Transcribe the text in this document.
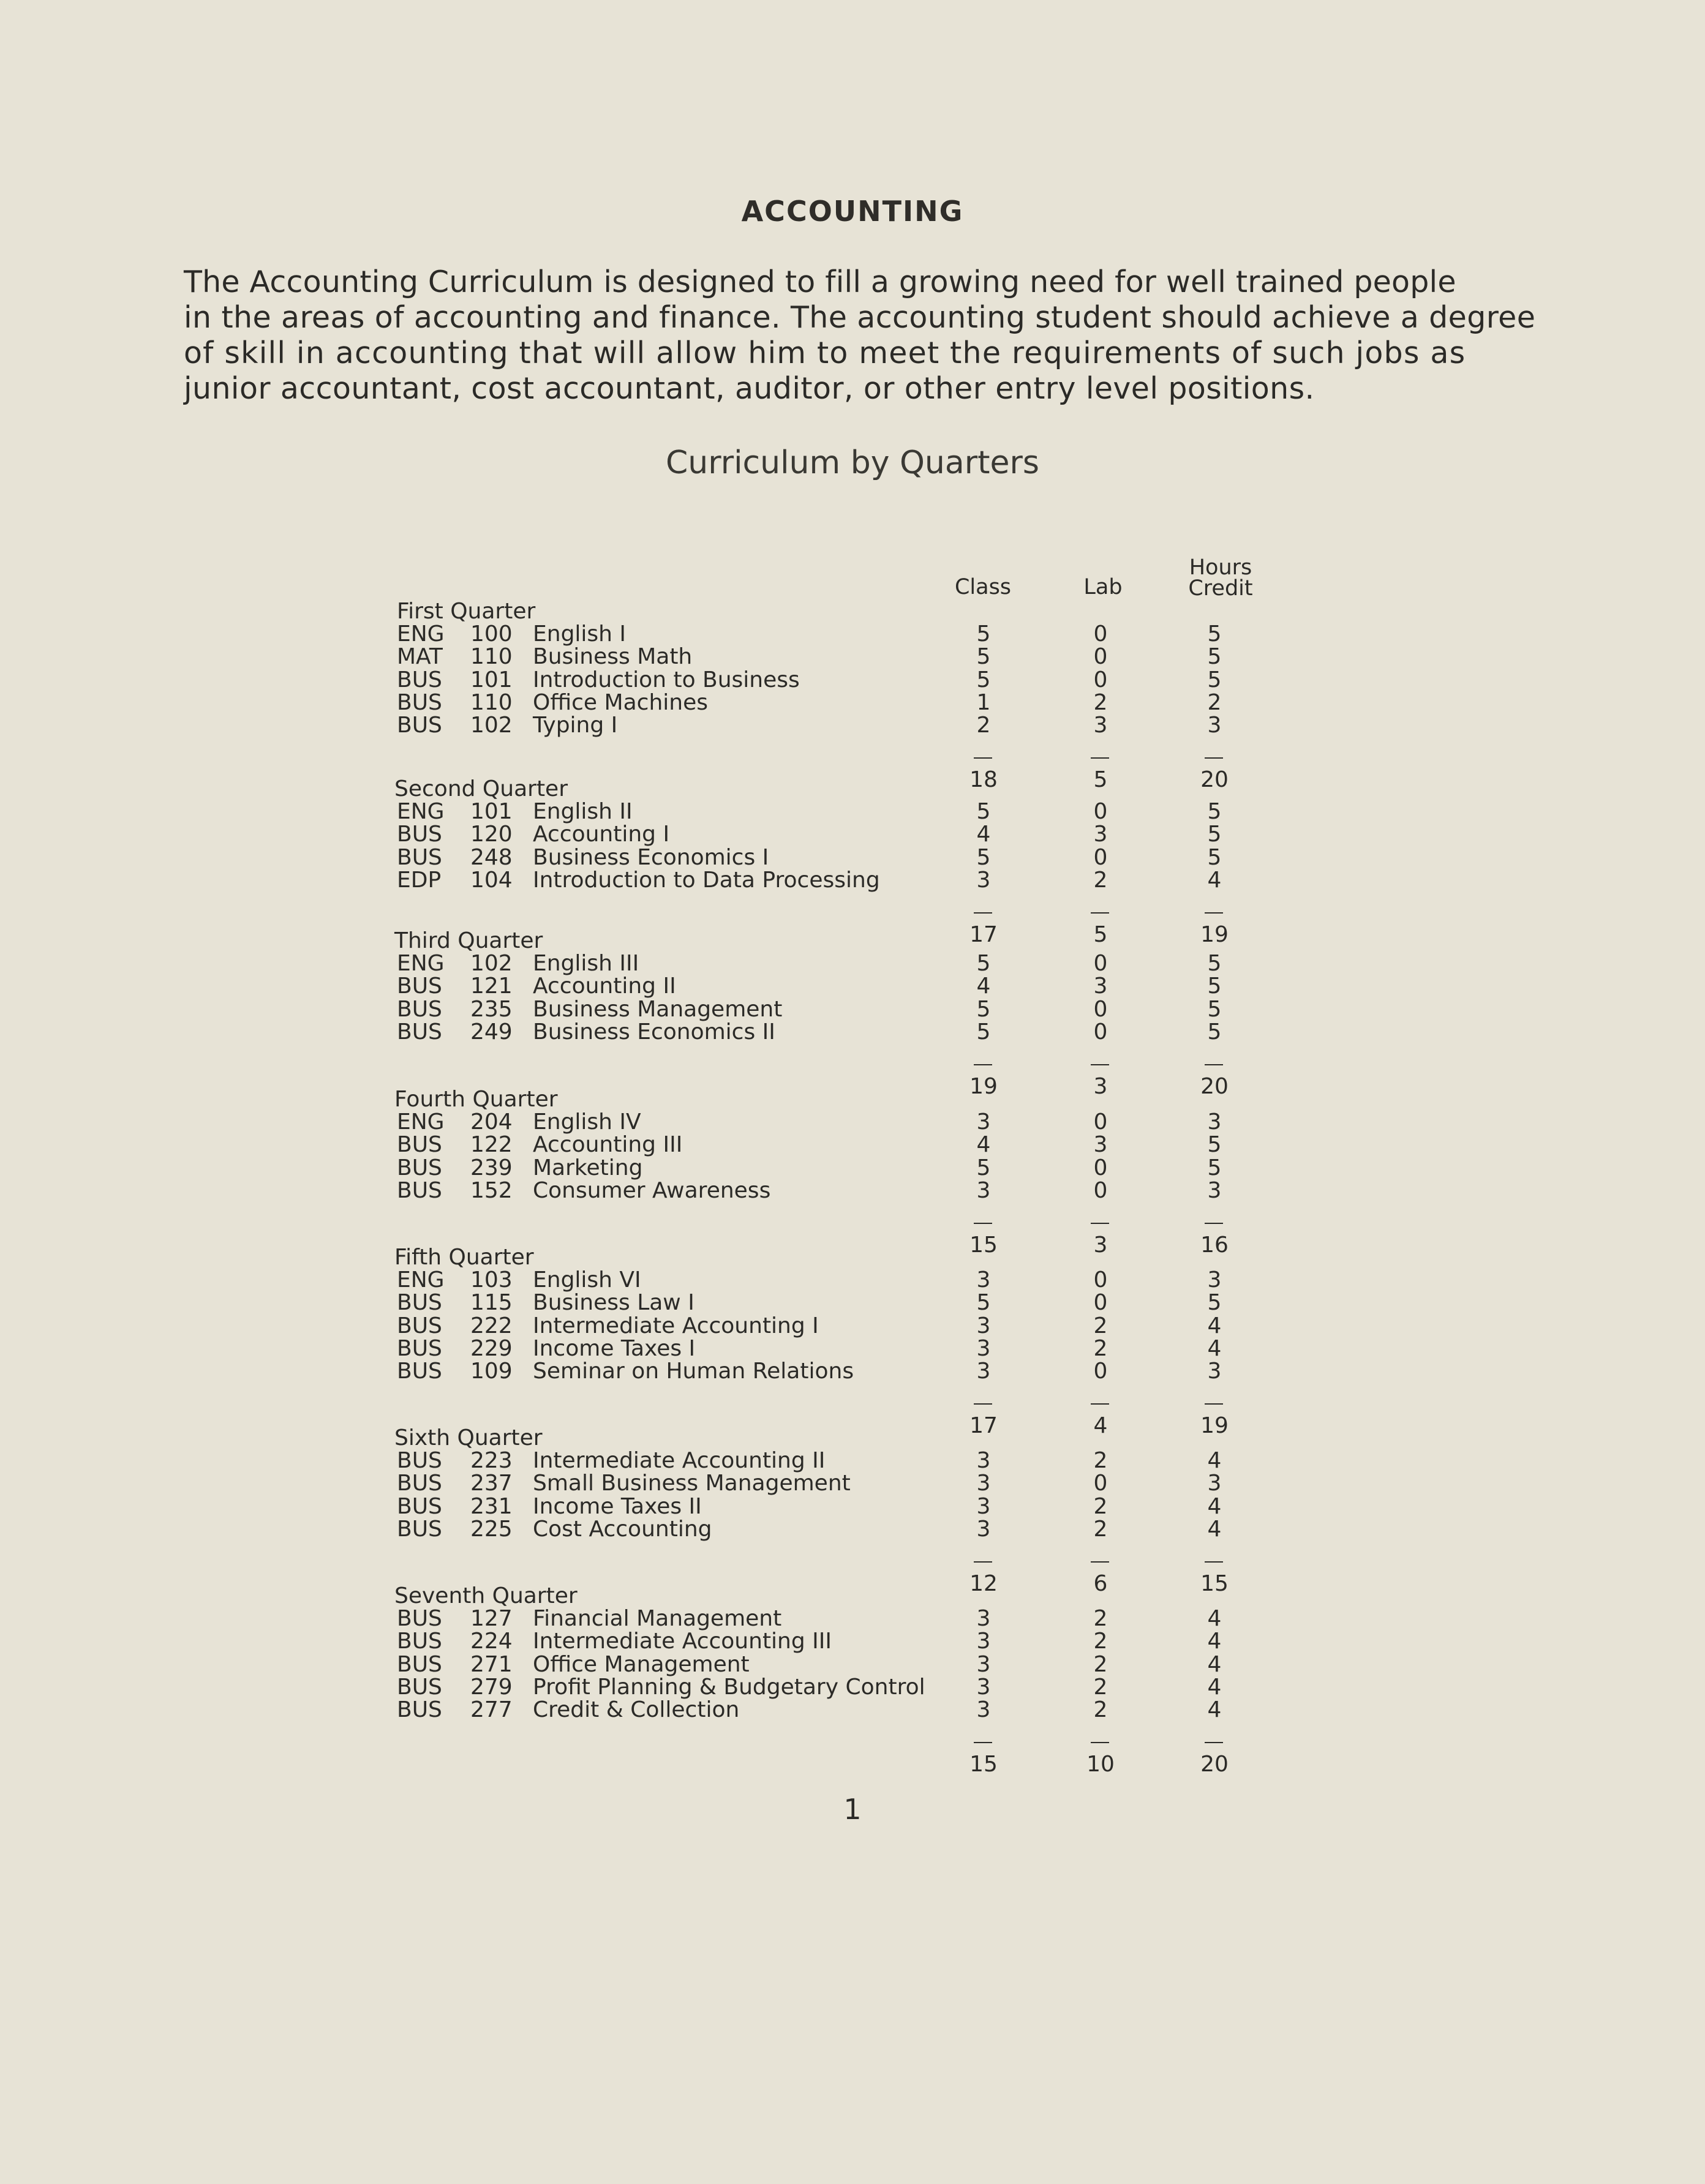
ACCOUNTING
The Accounting Curriculum is designed to fill a growing need for well trained people
in the areas of accounting and finance. The accounting student should achieve a degree
of skill in accounting that will allow him to meet the requirements of such jobs as
junior accountant, cost accountant, auditor, or other entry level positions.
Curriculum by Quarters
Class	Lab
Hours
Credit
First Quarter
ENG 100 English I	5	0	5
MAT 110 Business Math	5	0	5
BUS 101 Introduction to Business	5	0	5
BUS 110 Office Machines	1	2	2
BUS 102 Typing I	2	3	3
18	5	20
Second Quarter
ENG 101 English II	5	0	5
BUS 120 Accounting I	4	3	5
BUS 248 Business Economics I	5	0	5
EDP 104 Introduction to Data Processing	3	2	4
17	5	19
Third Quarter
ENG 102 English III	5	0	5
BUS 121 Accounting II	4	3	5
BUS 235 Business Management	5	0	5
BUS 249 Business Economics II	5	0	5
19	3	20
Fourth Quarter
ENG 204 English IV	3	0	3
BUS 122 Accounting III	4	3	5
BUS 239 Marketing	5	0	5
BUS 152 Consumer Awareness	3	0	3
15	3	16
Fifth Quarter
ENG 103 English VI	3	0	3
BUS 115 Business Law I	5	0	5
BUS 222 Intermediate Accounting I	3	2	4
BUS 229 Income Taxes I	3	2	4
BUS 109 Seminar on Human Relations	3	0	3
17	4	19
Sixth Quarter
BUS 223 Intermediate Accounting II	3	2	4
BUS 237 Small Business Management	3	0	3
BUS 231 Income Taxes II	3	2	4
BUS 225 Cost Accounting	3	2	4
12	6	15
Seventh Quarter
BUS 127 Financial Management	3	2	4
BUS 224 Intermediate Accounting III	3	2	4
BUS 271 Office Management	3	2	4
BUS 279 Profit Planning & Budgetary Control	3	2	4
BUS 277 Credit & Collection	3	2	4
15	10	20
1
